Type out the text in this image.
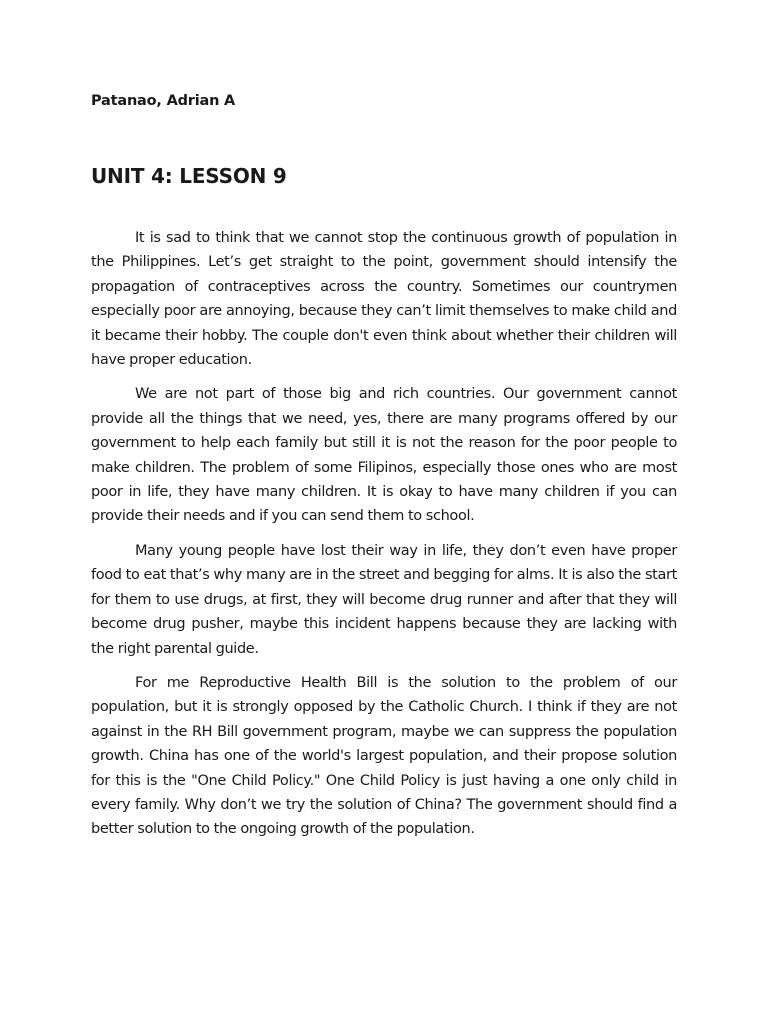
Patanao, Adrian A

UNIT 4: LESSON 9

It is sad to think that we cannot stop the continuous growth of population in the Philippines. Let’s get straight to the point, government should intensify the propagation of contraceptives across the country. Sometimes our countrymen especially poor are annoying, because they can’t limit themselves to make child and it became their hobby. The couple don't even think about whether their children will have proper education.

We are not part of those big and rich countries. Our government cannot provide all the things that we need, yes, there are many programs offered by our government to help each family but still it is not the reason for the poor people to make children. The problem of some Filipinos, especially those ones who are most poor in life, they have many children. It is okay to have many children if you can provide their needs and if you can send them to school.

Many young people have lost their way in life, they don’t even have proper food to eat that’s why many are in the street and begging for alms. It is also the start for them to use drugs, at first, they will become drug runner and after that they will become drug pusher, maybe this incident happens because they are lacking with the right parental guide.

For me Reproductive Health Bill is the solution to the problem of our population, but it is strongly opposed by the Catholic Church. I think if they are not against in the RH Bill government program, maybe we can suppress the population growth. China has one of the world's largest population, and their propose solution for this is the "One Child Policy." One Child Policy is just having a one only child in every family. Why don’t we try the solution of China? The government should find a better solution to the ongoing growth of the population.
